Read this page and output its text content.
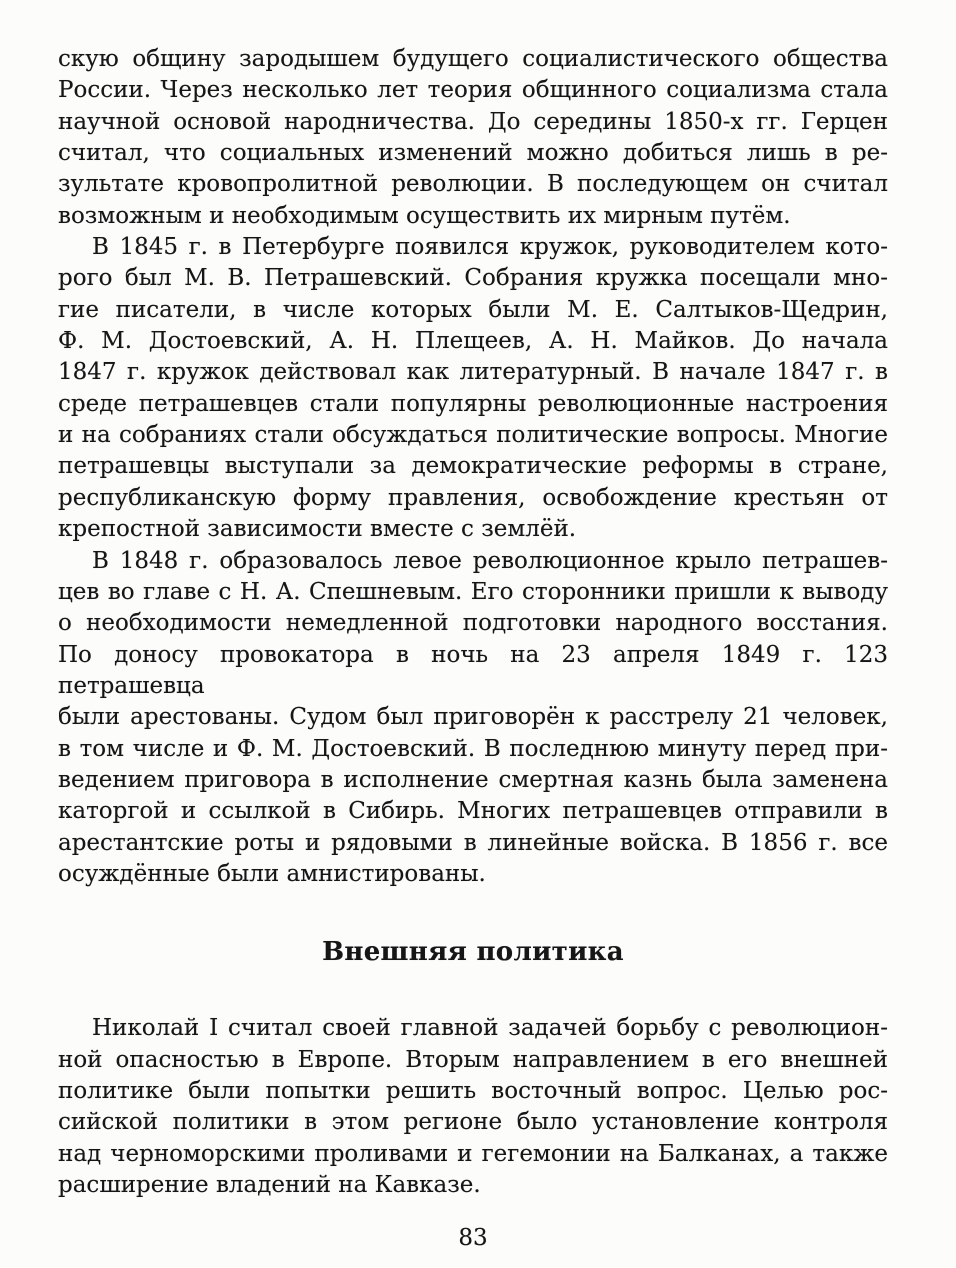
скую общину зародышем будущего социалистического общества
России. Через несколько лет теория общинного социализма стала
научной основой народничества. До середины 1850-х гг. Герцен
считал, что социальных изменений можно добиться лишь в ре-
зультате кровопролитной революции. В последующем он считал
возможным и необходимым осуществить их мирным путём.

В 1845 г. в Петербурге появился кружок, руководителем кото-
рого был М. В. Петрашевский. Собрания кружка посещали мно-
гие писатели, в числе которых были М. Е. Салтыков-Щедрин,
Ф. М. Достоевский, А. Н. Плещеев, А. Н. Майков. До начала
1847 г. кружок действовал как литературный. В начале 1847 г. в
среде петрашевцев стали популярны революционные настроения
и на собраниях стали обсуждаться политические вопросы. Многие
петрашевцы выступали за демократические реформы в стране,
республиканскую форму правления, освобождение крестьян от
крепостной зависимости вместе с землёй.

В 1848 г. образовалось левое революционное крыло петрашев-
цев во главе с Н. А. Спешневым. Его сторонники пришли к выводу
о необходимости немедленной подготовки народного восстания.
По доносу провокатора в ночь на 23 апреля 1849 г. 123 петрашевца
были арестованы. Судом был приговорён к расстрелу 21 человек,
в том числе и Ф. М. Достоевский. В последнюю минуту перед при-
ведением приговора в исполнение смертная казнь была заменена
каторгой и ссылкой в Сибирь. Многих петрашевцев отправили в
арестантские роты и рядовыми в линейные войска. В 1856 г. все
осуждённые были амнистированы.

Внешняя политика

Николай I считал своей главной задачей борьбу с революцион-
ной опасностью в Европе. Вторым направлением в его внешней
политике были попытки решить восточный вопрос. Целью рос-
сийской политики в этом регионе было установление контроля
над черноморскими проливами и гегемонии на Балканах, а также
расширение владений на Кавказе.

83
